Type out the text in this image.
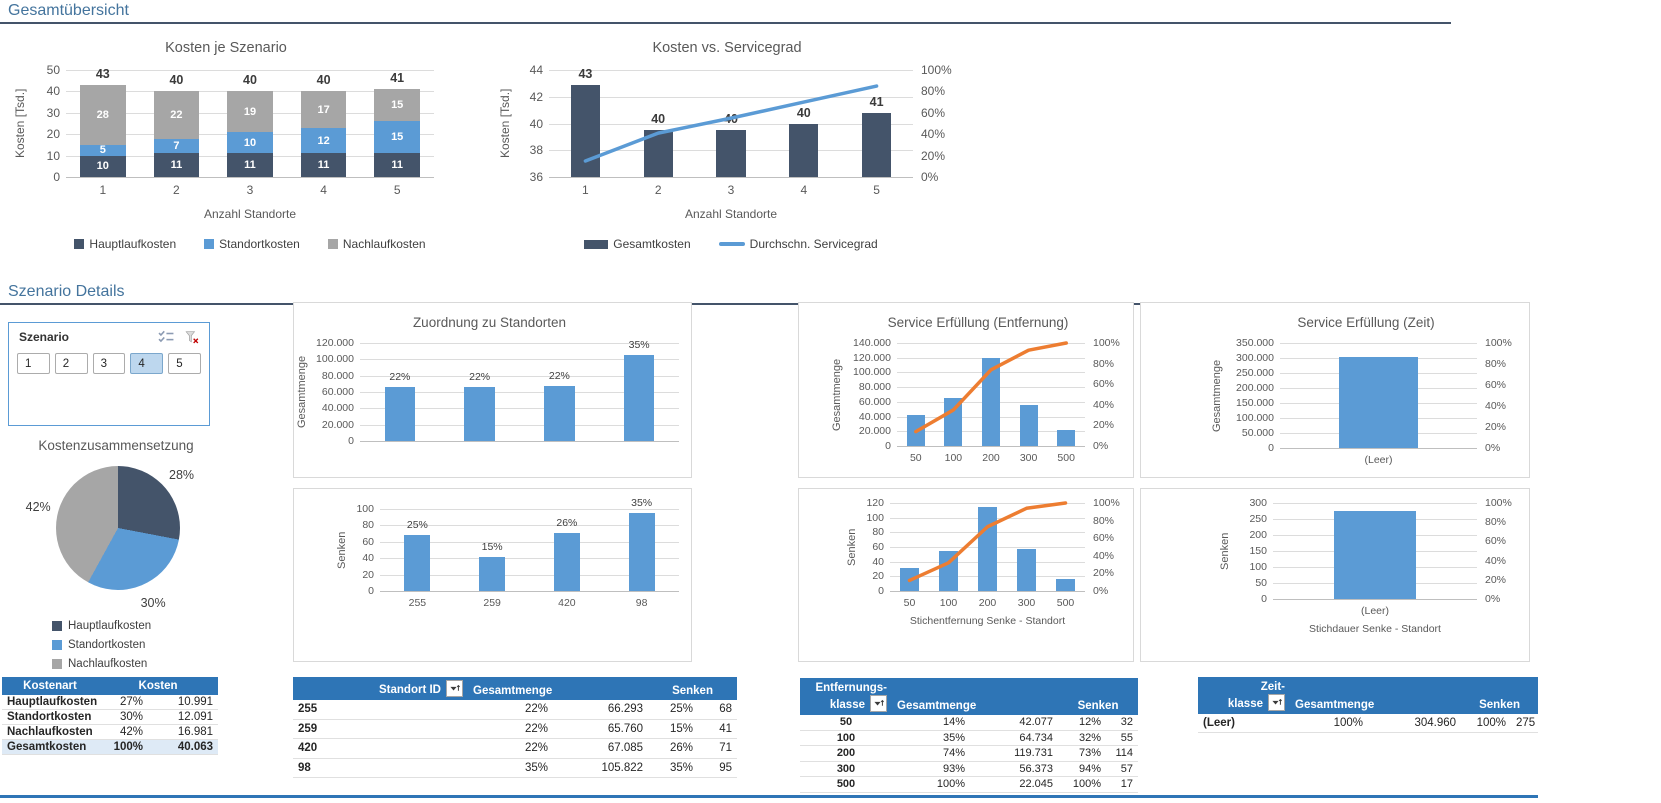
Gesamtübersicht
Kosten je Szenario
Kosten [Tsd.]
50
40
30
20
10
0
10
5
28
11
7
22
11
10
19
11
12
17
11
15
15
43	40	40	40	41
1	2	3	4	5
Anzahl Standorte
Hauptlaufkosten	Standortkosten	Nachlaufkosten
Kosten vs. Servicegrad
Kosten [Tsd.]
44
42
40
38
36
43
40	40	40
41
1	2	3	4	5
Anzahl Standorte
100%
80%
60%
40%
20%
0%
Gesamtkosten	Durchschn. Servicegrad
Szenario Details
Szenario
1	2	3	4	5
Kostenzusammensetzung
28%
30%
42%
Hauptlaufkosten
Standortkosten
Nachlaufkosten
Kostenart	Kosten	
Hauptlaufkosten	27%	10.991
Standortkosten	30%	12.091
Nachlaufkosten	42%	16.981
Gesamtkosten	100%	40.063
Zuordnung zu Standorten
Gesamtmenge
120.000
100.000
80.000
60.000
40.000
20.000
0
22%	22%	22%
35%
Senken
100
80
60
40
20
0
25%
15%
26%
35%
255	259	420	98
Standort ID	Gesamtmenge		Senken	
255	22%	66.293	25%	68
259	22%	65.760	15%	41
420	22%	67.085	26%	71
98	35%	105.822	35%	95
Service Erfüllung (Entfernung)
Gesamtmenge
140.000
120.000
100.000
80.000
60.000
40.000
20.000
0
50 100 200 300 500
100%
80%
60%
40%
20%
0%
Senken
120
100
80
60
40
20
0
50 100 200 300 500
Stichentfernung Senke - Standort
100%
80%
60%
40%
20%
0%
Entfernungs-
klasse	Gesamtmenge		Senken	
50	14%	42.077	12%	32
100	35%	64.734	32%	55
200	74%	119.731	73%	114
300	93%	56.373	94%	57
500	100%	22.045	100%	17
Service Erfüllung (Zeit)
Gesamtmenge
350.000
300.000
250.000
200.000
150.000
100.000
50.000
0
(Leer)
100%
80%
60%
40%
20%
0%
Senken
300
250
200
150
100
50
0
(Leer)
Stichdauer Senke - Standort
100%
80%
60%
40%
20%
0%
Zeit-
klasse	Gesamtmenge		Senken	
(Leer)	100%	304.960	100%	275
